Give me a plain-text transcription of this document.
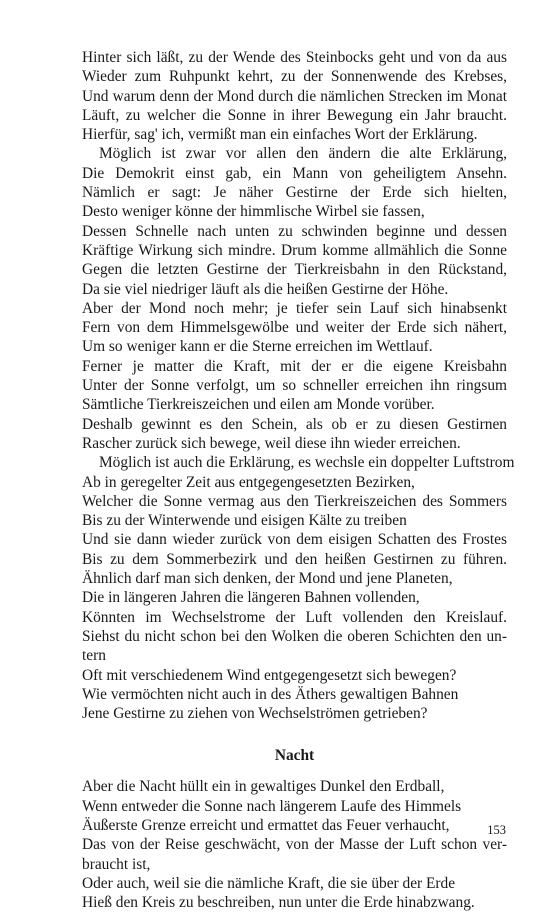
Hinter sich läßt, zu der Wende des Steinbocks geht und von da aus
Wieder zum Ruhpunkt kehrt, zu der Sonnenwende des Krebses,
Und warum denn der Mond durch die nämlichen Strecken im Monat
Läuft, zu welcher die Sonne in ihrer Bewegung ein Jahr braucht.
Hierfür, sag' ich, vermißt man ein einfaches Wort der Erklärung.
Möglich ist zwar vor allen den ändern die alte Erklärung,
Die Demokrit einst gab, ein Mann von geheiligtem Ansehn.
Nämlich er sagt: Je näher Gestirne der Erde sich hielten,
Desto weniger könne der himmlische Wirbel sie fassen,
Dessen Schnelle nach unten zu schwinden beginne und dessen
Kräftige Wirkung sich mindre. Drum komme allmählich die Sonne
Gegen die letzten Gestirne der Tierkreisbahn in den Rückstand,
Da sie viel niedriger läuft als die heißen Gestirne der Höhe.
Aber der Mond noch mehr; je tiefer sein Lauf sich hinabsenkt
Fern von dem Himmelsgewölbe und weiter der Erde sich nähert,
Um so weniger kann er die Sterne erreichen im Wettlauf.
Ferner je matter die Kraft, mit der er die eigene Kreisbahn
Unter der Sonne verfolgt, um so schneller erreichen ihn ringsum
Sämtliche Tierkreiszeichen und eilen am Monde vorüber.
Deshalb gewinnt es den Schein, als ob er zu diesen Gestirnen
Rascher zurück sich bewege, weil diese ihn wieder erreichen.
Möglich ist auch die Erklärung, es wechsle ein doppelter Luftstrom
Ab in geregelter Zeit aus entgegengesetzten Bezirken,
Welcher die Sonne vermag aus den Tierkreiszeichen des Sommers
Bis zu der Winterwende und eisigen Kälte zu treiben
Und sie dann wieder zurück von dem eisigen Schatten des Frostes
Bis zu dem Sommerbezirk und den heißen Gestirnen zu führen.
Ähnlich darf man sich denken, der Mond und jene Planeten,
Die in längeren Jahren die längeren Bahnen vollenden,
Könnten im Wechselstrome der Luft vollenden den Kreislauf.
Siehst du nicht schon bei den Wolken die oberen Schichten den un-
tern
Oft mit verschiedenem Wind entgegengesetzt sich bewegen?
Wie vermöchten nicht auch in des Äthers gewaltigen Bahnen
Jene Gestirne zu ziehen von Wechselströmen getrieben?
Nacht
Aber die Nacht hüllt ein in gewaltiges Dunkel den Erdball,
Wenn entweder die Sonne nach längerem Laufe des Himmels
Äußerste Grenze erreicht und ermattet das Feuer verhaucht,
Das von der Reise geschwächt, von der Masse der Luft schon ver-
braucht ist,
Oder auch, weil sie die nämliche Kraft, die sie über der Erde
Hieß den Kreis zu beschreiben, nun unter die Erde hinabzwang.
153
